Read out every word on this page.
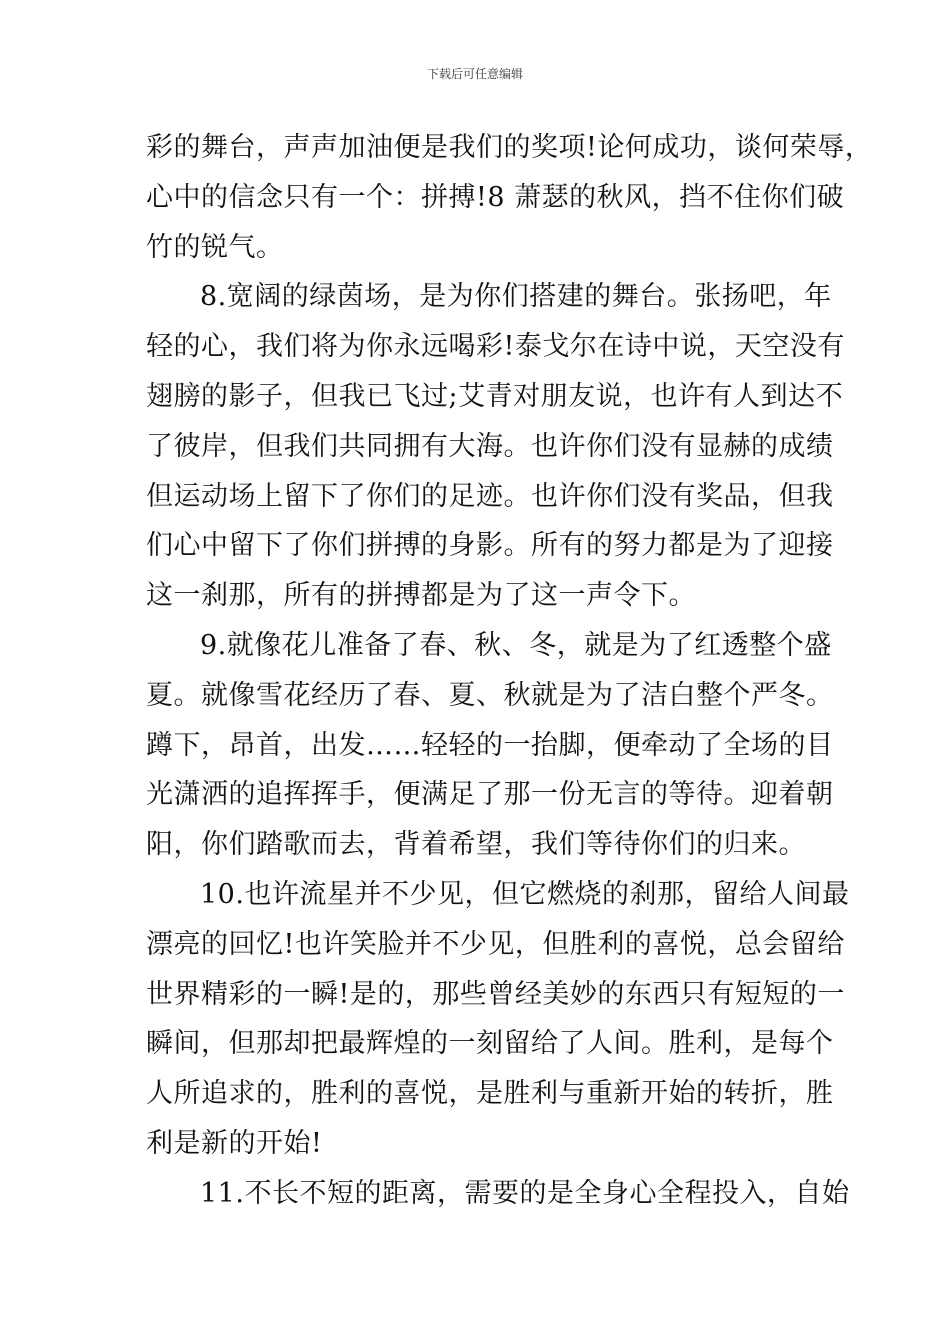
下载后可任意编辑
彩的舞台，声声加油便是我们的奖项!论何成功，谈何荣辱，
心中的信念只有一个：拼搏!8 萧瑟的秋风，挡不住你们破
竹的锐气。
8.宽阔的绿茵场，是为你们搭建的舞台。张扬吧，年
轻的心，我们将为你永远喝彩!泰戈尔在诗中说，天空没有
翅膀的影子，但我已飞过;艾青对朋友说，也许有人到达不
了彼岸，但我们共同拥有大海。也许你们没有显赫的成绩
但运动场上留下了你们的足迹。也许你们没有奖品，但我
们心中留下了你们拼搏的身影。所有的努力都是为了迎接
这一刹那，所有的拼搏都是为了这一声令下。
9.就像花儿准备了春、秋、冬，就是为了红透整个盛
夏。就像雪花经历了春、夏、秋就是为了洁白整个严冬。
蹲下，昂首，出发……轻轻的一抬脚，便牵动了全场的目
光潇洒的追挥挥手，便满足了那一份无言的等待。迎着朝
阳，你们踏歌而去，背着希望，我们等待你们的归来。
10.也许流星并不少见，但它燃烧的刹那，留给人间最
漂亮的回忆!也许笑脸并不少见，但胜利的喜悦，总会留给
世界精彩的一瞬!是的，那些曾经美妙的东西只有短短的一
瞬间，但那却把最辉煌的一刻留给了人间。胜利，是每个
人所追求的，胜利的喜悦，是胜利与重新开始的转折，胜
利是新的开始!
11.不长不短的距离，需要的是全身心全程投入，自始
